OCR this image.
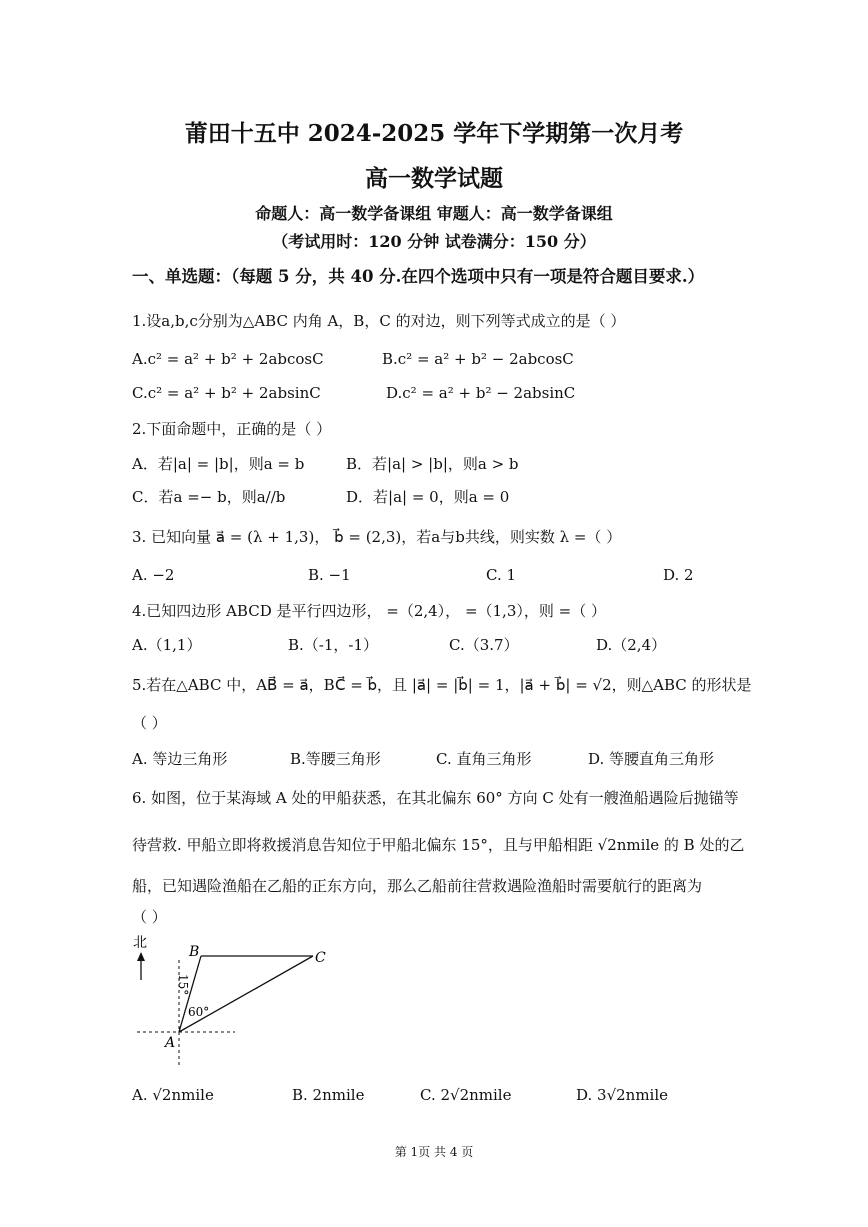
莆田十五中 2024-2025 学年下学期第一次月考
高一数学试题
命题人：高一数学备课组 审题人：高一数学备课组
（考试用时：120 分钟 试卷满分：150 分）
一、单选题：（每题 5 分，共 40 分.在四个选项中只有一项是符合题目要求.）
1.设a,b,c分别为△ABC 内角 A，B，C 的对边，则下列等式成立的是（ ）
A.c² = a² + b² + 2abcosC	B.c² = a² + b² − 2abcosC
C.c² = a² + b² + 2absinC	D.c² = a² + b² − 2absinC
2.下面命题中，正确的是（ ）
A．若|a| = |b|，则a = b	B．若|a| > |b|，则a > b
C．若a =− b，则a//b	D．若|a| = 0，则a = 0
3. 已知向量 a⃗ = (λ + 1,3)， b⃗ = (2,3)，若a与b共线，则实数 λ =（ ）
A. −2	B. −1	C. 1	D. 2
4.已知四边形 ABCD 是平行四边形， =（2,4）， =（1,3），则 =（ ）
A.（1,1）	B.（-1，-1）	C.（3.7）	D.（2,4）
5.若在△ABC 中，AB⃗ = a⃗，BC⃗ = b⃗，且 |a⃗| = |b⃗| = 1，|a⃗ + b⃗| = √2，则△ABC 的形状是
（ ）
A. 等边三角形	B.等腰三角形	C. 直角三角形	D. 等腰直角三角形
6. 如图，位于某海域 A 处的甲船获悉，在其北偏东 60° 方向 C 处有一艘渔船遇险后抛锚等
待营救. 甲船立即将救援消息告知位于甲船北偏东 15°，且与甲船相距 √2nmile 的 B 处的乙
船，已知遇险渔船在乙船的正东方向，那么乙船前往营救遇险渔船时需要航行的距离为
（ ）
北
B	C
A
15°
60°
A. √2nmile	B. 2nmile	C. 2√2nmile	D. 3√2nmile
第 1页 共 4 页
